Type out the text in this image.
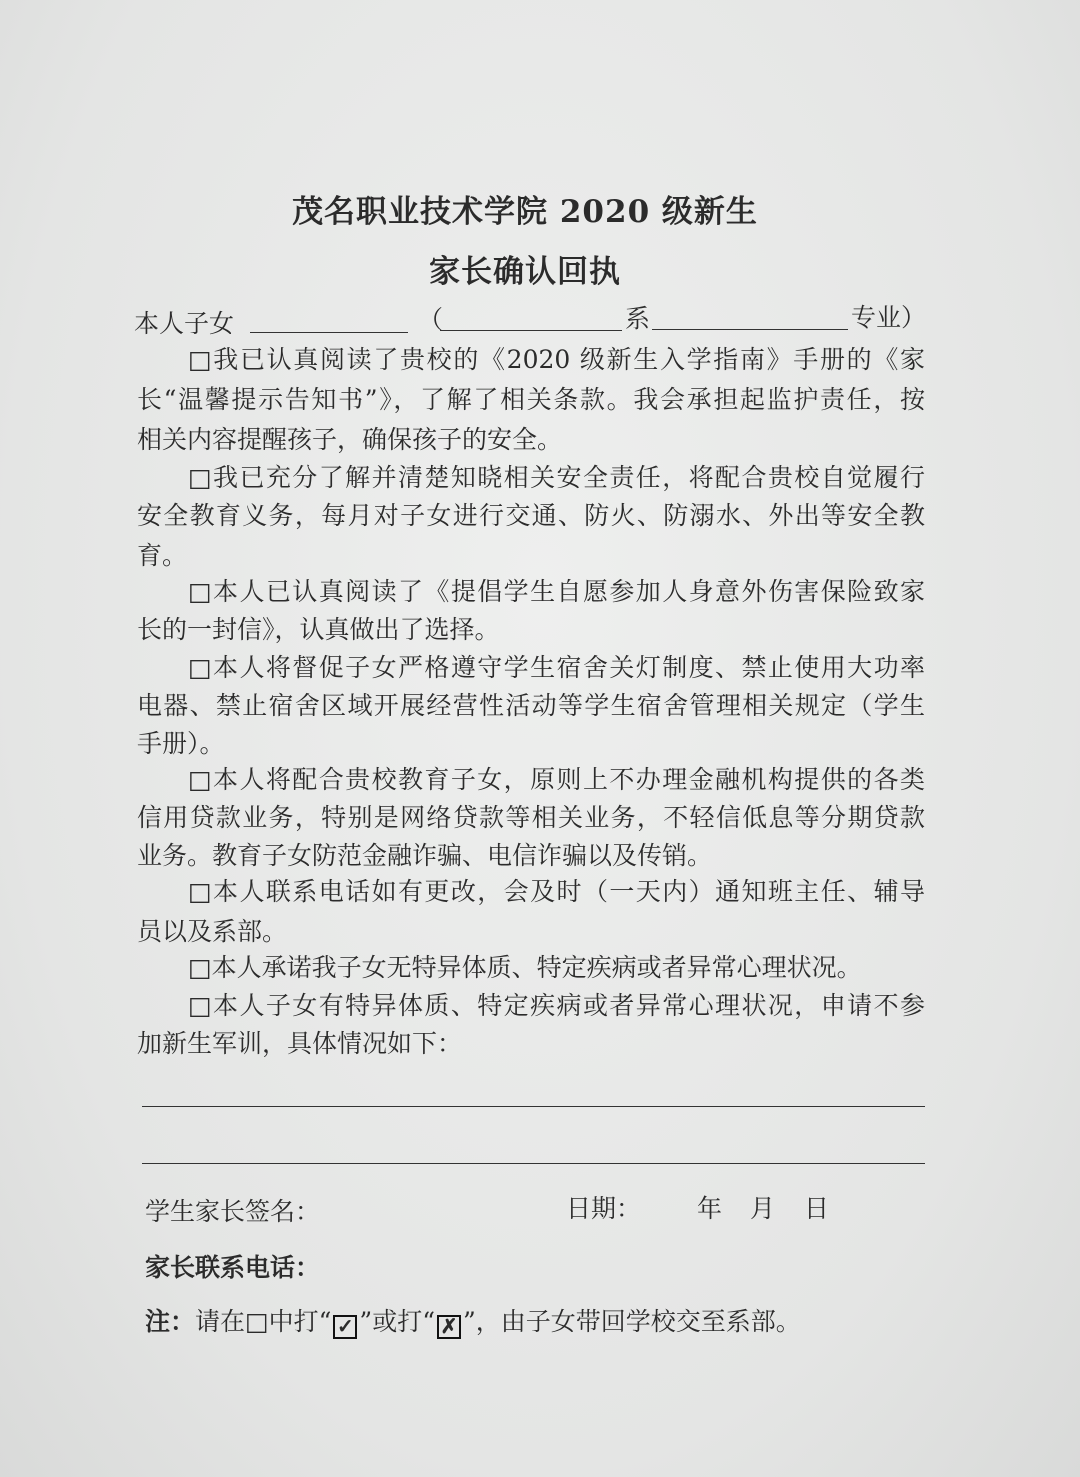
茂名职业技术学院 2020 级新生
家长确认回执
本人子女	（	系	专业）
□我已认真阅读了贵校的《2020 级新生入学指南》手册的《家
长“温馨提示告知书”》，了解了相关条款。我会承担起监护责任，按
相关内容提醒孩子，确保孩子的安全。
□我已充分了解并清楚知晓相关安全责任，将配合贵校自觉履行
安全教育义务，每月对子女进行交通、防火、防溺水、外出等安全教
育。
□本人已认真阅读了《提倡学生自愿参加人身意外伤害保险致家
长的一封信》，认真做出了选择。
□本人将督促子女严格遵守学生宿舍关灯制度、禁止使用大功率
电器、禁止宿舍区域开展经营性活动等学生宿舍管理相关规定（学生
手册）。
□本人将配合贵校教育子女，原则上不办理金融机构提供的各类
信用贷款业务，特别是网络贷款等相关业务，不轻信低息等分期贷款
业务。教育子女防范金融诈骗、电信诈骗以及传销。
□本人联系电话如有更改，会及时（一天内）通知班主任、辅导
员以及系部。
□本人承诺我子女无特异体质、特定疾病或者异常心理状况。
□本人子女有特异体质、特定疾病或者异常心理状况，申请不参
加新生军训，具体情况如下：
学生家长签名：	日期： 年 月 日
家长联系电话：
注：请在□中打“ ✓ ”或打“ ✗ ”，由子女带回学校交至系部。
